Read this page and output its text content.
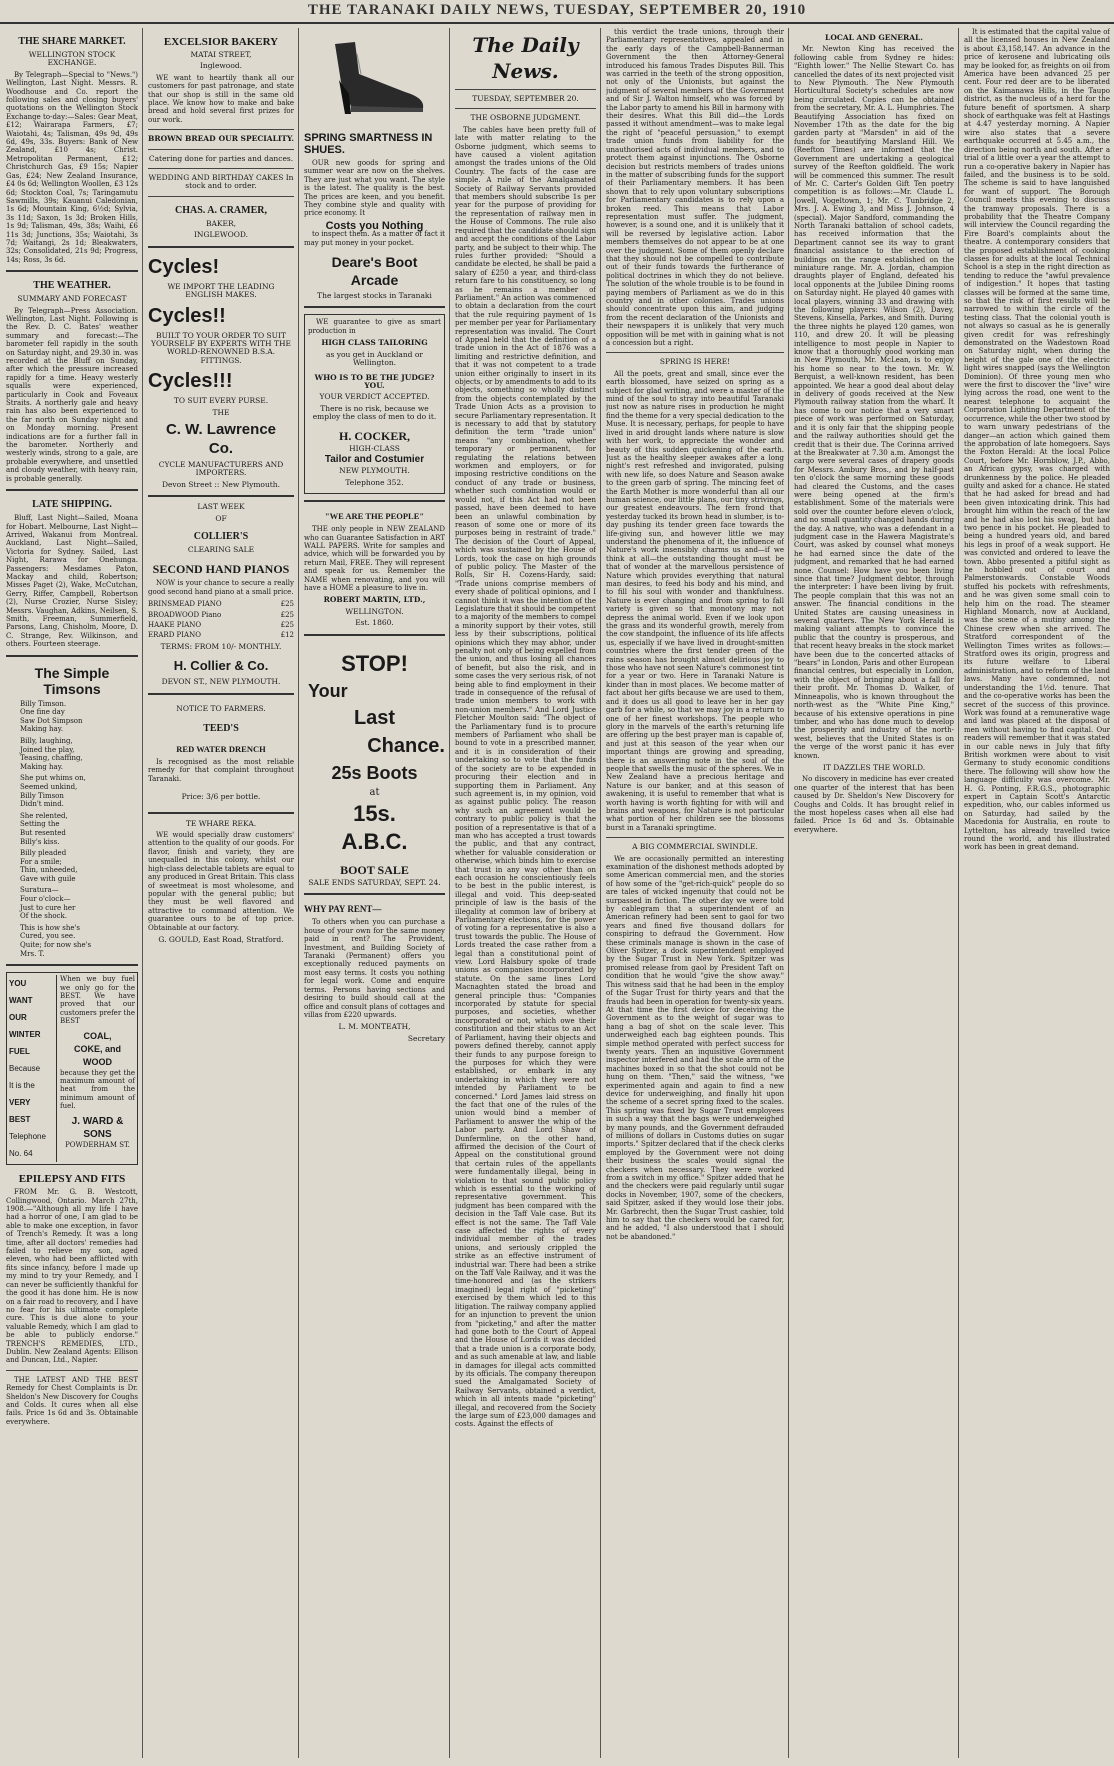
THE TARANAKI DAILY NEWS, TUESDAY, SEPTEMBER 20, 1910
THE SHARE MARKET.
WELLINGTON STOCK EXCHANGE.

By Telegraph—Special to "News.") Wellington, Last Night. Messrs. R. Woodhouse and Co. report the following sales and closing buyers' quotations on the Wellington Stock Exchange to-day:—Sales: Gear Meat, £12; Wairarapa Farmers, £7; Waiotahi, 4s; Talisman, 49s 9d, 49s 6d, 49s, 33s. Buyers: Bank of New Zealand, £10 4s; Christ. Metropolitan Permanent, £12; Christchurch Gas, £9 15s; Napier Gas, £24; New Zealand Insurance, £4 0s 6d; Wellington Woollen, £3 12s 6d; Stockton Coal, 7s; Taringamutu Sawmills, 39s; Kauanui Caledonian, 1s 6d; Mountain King, 6½d; Sylvia, 3s 11d; Saxon, 1s 3d; Broken Hills, 1s 9d; Talisman, 49s, 38s; Waihi, £6 11s 3d; Junctions, 35s; Waiotahi, 3s 7d; Waitangi, 2s 1d; Bleakwaters, 32s; Consolidated, 21s 9d; Progress, 14s; Ross, 3s 6d.

THE WEATHER.
SUMMARY AND FORECAST

By Telegraph—Press Association. Wellington, Last Night. Following is the Rev. D. C. Bates' weather summary and forecast:—The barometer fell rapidly in the south on Saturday night, and 29.30 in. was recorded at the Bluff on Sunday, after which the pressure increased rapidly for a time. Heavy westerly squalls were experienced, particularly in Cook and Foveaux Straits. A northerly gale and heavy rain has also been experienced to the far north on Sunday night and on Monday morning. Present indications are for a further fall in the barometer. Northerly and westerly winds, strong to a gale, are probable everywhere, and unsettled and cloudy weather, with heavy rain, is probable generally.

LATE SHIPPING.

Bluff, Last Night—Sailed, Moana for Hobart. Melbourne, Last Night—Arrived, Wakanui from Montreal. Auckland, Last Night—Sailed, Victoria for Sydney. Sailed, Last Night, Rarawa for Onehunga. Passengers: Mesdames Paton, Mackay and child, Robertson; Misses Paget (2), Wake, McCutchan, Gerry, Riffer, Campbell, Robertson (2), Nurse Crozier, Nurse Sisley; Messrs. Vaughan, Adkins, Neilsen, S. Smith, Freeman, Summerfield, Parsons, Lang, Chisholm, Moore, D. C. Strange, Rev. Wilkinson, and others. Fourteen steerage.

The Simple Timsons
Billy Timson.
One fine day
Saw Dot Simpson
Making hay.
Billy, laughing,
Joined the play,
Teasing, chaffing,
Making hay.
She put whims on,
Seemed unkind,
Billy Timson
Didn't mind.
She relented,
Setting the
But resented
Billy's kiss.
Billy pleaded
For a smile;
Thin, unheeded,
Gave with guile
Suratura—
Four o'clock—
Just to cure her
Of the shock.
This is how she's
Cured, you see.
Quite; for now she's
Mrs. T.
YOU
WANT
OUR
WINTER
FUEL
Because
It is the
VERY
BEST
Telephone
No. 64

When we buy fuel we only go for the BEST. We have proved that our customers prefer the BEST

COAL,
COKE, and
WOOD

because they get the maximum amount of heat from the minimum amount of fuel.

J. WARD &
SONS
POWDERHAM ST.
EPILEPSY AND FITS

FROM Mr. G. B. Westcott, Collingwood, Ontario. March 27th, 1908.—"Although all my life I have had a horror of one, I am glad to be able to make one exception, in favor of Trench's Remedy. It was a long time, after all doctors' remedies had failed to relieve my son, aged eleven, who had been afflicted with fits since infancy, before I made up my mind to try your Remedy, and I can never be sufficiently thankful for the good it has done him. He is now on a fair road to recovery, and I have no fear for his ultimate complete cure. This is due alone to your valuable Remedy, which I am glad to be able to publicly endorse." TRENCH'S REMEDIES, LTD., Dublin. New Zealand Agents: Ellison and Duncan, Ltd., Napier.

THE LATEST AND THE BEST Remedy for Chest Complaints is Dr. Sheldon's New Discovery for Coughs and Colds. It cures when all else fails. Price 1s 6d and 3s. Obtainable everywhere.

EXCELSIOR BAKERY
MATAI STREET,
Inglewood.

WE want to heartily thank all our customers for past patronage, and state that our shop is still in the same old place. We know how to make and bake bread and hold several first prizes for our work.

BROWN BREAD OUR SPECIALITY.
Catering done for parties and dances.
WEDDING AND BIRTHDAY CAKES In stock and to order.
CHAS. A. CRAMER,
BAKER,
INGLEWOOD.
Cycles!
WE IMPORT THE LEADING ENGLISH MAKES.
Cycles!!
BUILT TO YOUR ORDER TO SUIT YOURSELF BY EXPERTS WITH THE WORLD-RENOWNED B.S.A. FITTINGS.
Cycles!!!
TO SUIT EVERY PURSE.
THE
C. W. Lawrence
Co.
CYCLE MANUFACTURERS AND IMPORTERS.
Devon Street :: New Plymouth.
LAST WEEK
OF
COLLIER'S
CLEARING SALE
SECOND HAND PIANOS

NOW is your chance to secure a really good second hand piano at a small price.

BRINSMEAD PIANO	£25
BROADWOOD Piano	£25
HAAKE PIANO	£25
ERARD PIANO	£12
TERMS: FROM 10/- MONTHLY.
H. Collier & Co.
DEVON ST., NEW PLYMOUTH.
NOTICE TO FARMERS.
TEED'S
RED WATER DRENCH

Is recognised as the most reliable remedy for that complaint throughout Taranaki.

Price: 3/6 per bottle.
TE WHARE REKA.

WE would specially draw customers' attention to the quality of our goods. For flavor, finish and variety, they are unequalled in this colony, whilst our high-class delectable tablets are equal to any produced in Great Britain. This class of sweetmeat is most wholesome, and popular with the general public; but they must be well flavored and attractive to command attention. We guarantee ours to be of top price. Obtainable at our factory.

G. GOULD, East Road, Stratford.
SPRING SMARTNESS IN SHUES.

OUR new goods for spring and summer wear are now on the shelves. They are just what you want. The style is the latest. The quality is the best. The prices are keen, and you benefit. They combine style and quality with price economy. It

Costs you Nothing

to inspect them. As a matter of fact it may put money in your pocket.

Deare's Boot
Arcade
The largest stocks in Taranaki

WE guarantee to give as smart production in

HIGH CLASS TAILORING
as you get in Auckland or Wellington.
WHO IS TO BE THE JUDGE? YOU.
YOUR VERDICT ACCEPTED.
There is no risk, because we employ the class of men to do it.
H. COCKER,
HIGH-CLASS
Tailor and Costumier
NEW PLYMOUTH.
Telephone 352.
"WE ARE THE PEOPLE"

THE only people in NEW ZEALAND who can Guarantee Satisfaction in ART WALL PAPERS. Write for samples and advice, which will be forwarded you by return Mail, FREE. They will represent and speak for us. Remember the NAME when renovating, and you will have a HOME a pleasure to live in.

ROBERT MARTIN, LTD.,
WELLINGTON.
Est. 1860.
STOP!
Your
Last
Chance.
25s Boots
at
15s.
A.B.C.
BOOT SALE
SALE ENDS SATURDAY, SEPT. 24.
WHY PAY RENT—

To others when you can purchase a house of your own for the same money paid in rent? The Provident, Investment, and Building Society of Taranaki (Permanent) offers you exceptionally reduced payments on most easy terms. It costs you nothing for legal work. Come and enquire terms. Persons having sections and desiring to build should call at the office and consult plans of cottages and villas from £220 upwards.

L. M. MONTEATH,
Secretary
The Daily News.
TUESDAY, SEPTEMBER 20.
THE OSBORNE JUDGMENT.

The cables have been pretty full of late with matter relating to the Osborne judgment, which seems to have caused a violent agitation amongst the trades unions of the Old Country. The facts of the case are simple. A rule of the Amalgamated Society of Railway Servants provided that members should subscribe 1s per year for the purpose of providing for the representation of railway men in the House of Commons. The rule also required that the candidate should sign and accept the conditions of the Labor party, and be subject to their whip. The rules further provided: "Should a candidate be elected, he shall be paid a salary of £250 a year, and third-class return fare to his constituency, so long as he remains a member of Parliament." An action was commenced to obtain a declaration from the court that the rule requiring payment of 1s per member per year for Parliamentary representation was invalid. The Court of Appeal held that the definition of a trade union in the Act of 1876 was a limiting and restrictive definition, and that it was not competent to a trade union either originally to insert in its objects, or by amendments to add to its objects, something so wholly distinct from the objects contemplated by the Trade Union Acts as a provision to secure Parliamentary representation. It is necessary to add that by statutory definition the term "trade union" means "any combination, whether temporary or permanent, for regulating the relations between workmen and employers, or for imposing restrictive conditions on the conduct of any trade or business, whether such combination would or would not, if this Act had not been passed, have been deemed to have been an unlawful combination by reason of some one or more of its purposes being in restraint of trade." The decision of the Court of Appeal, which was sustained by the House of Lords, took the case on high grounds of public policy. The Master of the Rolls, Sir H. Cozens-Hardy, said: "Trade unions comprise members of every shade of political opinions, and I cannot think it was the intention of the Legislature that it should be competent to a majority of the members to compel a minority support by their votes, still less by their subscriptions, political opinions which they may abhor, under penalty not only of being expelled from the union, and thus losing all chances of benefit, but also the risk, and in some cases the very serious risk, of not being able to find employment in their trade in consequence of the refusal of trade union members to work with non-union members." And Lord Justice Fletcher Moulton said: "The object of the Parliamentary fund is to procure members of Parliament who shall be bound to vote in a prescribed manner, and it is in consideration of their undertaking so to vote that the funds of the society are to be expended in procuring their election and in supporting them in Parliament. Any such agreement is, in my opinion, void as against public policy. The reason why such an agreement would be contrary to public policy is that the position of a representative is that of a man who has accepted a trust towards the public, and that any contract, whether for valuable consideration or otherwise, which binds him to exercise that trust in any way other than on each occasion he conscientiously feels to be best in the public interest, is illegal and void. This deep-seated principle of law is the basis of the illegality at common law of bribery at Parliamentary elections, for the power of voting for a representative is also a trust towards the public. The House of Lords treated the case rather from a legal than a constitutional point of view. Lord Halsbury spoke of trade unions as companies incorporated by statute. On the same lines Lord Macnaghten stated the broad and general principle thus: "Companies incorporated by statute for special purposes, and societies, whether incorporated or not, which owe their constitution and their status to an Act of Parliament, having their objects and powers defined thereby, cannot apply their funds to any purpose foreign to the purposes for which they were established, or embark in any undertaking in which they were not intended by Parliament to be concerned." Lord James laid stress on the fact that one of the rules of the union would bind a member of Parliament to answer the whip of the Labor party. And Lord Shaw of Dunfermline, on the other hand, affirmed the decision of the Court of Appeal on the constitutional ground that certain rules of the appellants were fundamentally illegal, being in violation to that sound public policy which is essential to the working of representative government. This judgment has been compared with the decision in the Taff Vale case. But its effect is not the same. The Taff Vale case affected the rights of every individual member of the trades unions, and seriously crippled the strike as an effective instrument of industrial war. There had been a strike on the Taff Vale Railway, and it was the time-honored and (as the strikers imagined) legal right of "picketing" exercised by them which led to this litigation. The railway company applied for an injunction to prevent the union from "picketing," and after the matter had gone both to the Court of Appeal and the House of Lords it was decided that a trade union is a corporate body, and as such amenable at law, and liable in damages for illegal acts committed by its officials. The company thereupon sued the Amalgamated Society of Railway Servants, obtained a verdict, which in all intents made "picketing" illegal, and recovered from the Society the large sum of £23,000 damages and costs. Against the effects of

this verdict the trade unions, through their Parliamentary representatives, appealed and in the early days of the Campbell-Bannerman Government the then Attorney-General introduced his famous Trades Disputes Bill. This was carried in the teeth of the strong opposition, not only of the Unionists, but against the judgment of several members of the Government and of Sir J. Walton himself, who was forced by the Labor party to amend his Bill in harmony with their desires. What this Bill did—the Lords passed it without amendment—was to make legal the right of "peaceful persuasion," to exempt trade union funds from liability for the unauthorised acts of individual members, and to protect them against injunctions. The Osborne decision but restricts members of trades unions in the matter of subscribing funds for the support of their Parliamentary members. It has been shown that to rely upon voluntary subscriptions for Parliamentary candidates is to rely upon a broken reed. This means that Labor representation must suffer. The judgment, however, is a sound one, and it is unlikely that it will be reversed by legislative action. Labor members themselves do not appear to be at one over the judgment. Some of them openly declare that they should not be compelled to contribute out of their funds towards the furtherance of political doctrines in which they do not believe. The solution of the whole trouble is to be found in paying members of Parliament as we do in this country and in other colonies. Trades unions should concentrate upon this aim, and judging from the recent declaration of the Unionists and their newspapers it is unlikely that very much opposition will be met with in gaining what is not a concession but a right.

SPRING IS HERE!

All the poets, great and small, since ever the earth blossomed, have seized on spring as a subject for glad writing, and were a master of the mind of the soul to stray into beautiful Taranaki just now as nature rises in production he might find the theme for a very special dedication to the Muse. It is necessary, perhaps, for people to have lived in arid drought lands where nature is slow with her work, to appreciate the wonder and beauty of this sudden quickening of the earth. Just as the healthy sleeper awakes after a long night's rest refreshed and invigorated, pulsing with new life, so does Nature and Season awake to the green garb of spring. The mincing feet of the Earth Mother is more wonderful than all our human science, our little plans, our tiny strivings, our greatest endeavours. The fern frond that yesterday tucked its brown head in slumber, is to-day pushing its tender green face towards the life-giving sun, and however little we may understand the phenomena of it, the influence of Nature's work insensibly charms us and—if we think at all—the outstanding thought must be that of wonder at the marvellous persistence of Nature which provides everything that natural man desires, to feed his body and his mind, and to fill his soul with wonder and thankfulness. Nature is ever changing and from spring to fall variety is given so that monotony may not depress the animal world. Even if we look upon the grass and its wonderful growth, merely from the cow standpoint, the influence of its life affects us, especially if we have lived in drought-smitten countries where the first tender green of the rains season has brought almost delirious joy to those who have not seen Nature's commonest tint for a year or two. Here in Taranaki Nature is kinder than in most places. We become matter of fact about her gifts because we are used to them, and it does us all good to leave her in her gay garb for a while, so that we may joy in a return to one of her finest workshops. The people who glory in the marvels of the earth's returning life are offering up the best prayer man is capable of, and just at this season of the year when our important things are growing and spreading, there is an answering note in the soul of the people that swells the music of the spheres. We in New Zealand have a precious heritage and Nature is our banker, and at this season of awakening, it is useful to remember that what is worth having is worth fighting for with will and brains and weapons, for Nature is not particular what portion of her children see the blossoms burst in a Taranaki springtime.

A BIG COMMERCIAL SWINDLE.

We are occasionally permitted an interesting examination of the dishonest methods adopted by some American commercial men, and the stories of how some of the "get-rich-quick" people do so are tales of wicked ingenuity that could not be surpassed in fiction. The other day we were told by cablegram that a superintendent of an American refinery had been sent to gaol for two years and fined five thousand dollars for conspiring to defraud the Government. How these criminals manage is shown in the case of Oliver Spitzer, a dock superintendent employed by the Sugar Trust in New York. Spitzer was promised release from gaol by President Taft on condition that he would "give the show away." This witness said that he had been in the employ of the Sugar Trust for thirty years and that the frauds had been in operation for twenty-six years. At that time the first device for deceiving the Government as to the weight of sugar was to hang a bag of shot on the scale lever. This underweighed each bag eighteen pounds. This simple method operated with perfect success for twenty years. Then an inquisitive Government inspector interfered and had the scale arm of the machines boxed in so that the shot could not be hung on them. "Then," said the witness, "we experimented again and again to find a new device for underweighing, and finally hit upon the scheme of a secret spring fixed to the scales. This spring was fixed by Sugar Trust employees in such a way that the bags were underweighed by many pounds, and the Government defrauded of millions of dollars in Customs duties on sugar imports." Spitzer declared that if the check clerks employed by the Government were not doing their business the scales would signal the checkers when necessary. They were worked from a switch in my office." Spitzer added that he and the checkers were paid regularly until sugar docks in November, 1907, some of the checkers, said Spitzer, asked if they would lose their jobs. Mr. Garbrecht, then the Sugar Trust cashier, told him to say that the checkers would be cared for, and he added, "I also understood that I should not be abandoned."

LOCAL AND GENERAL.

Mr. Newton King has received the following cable from Sydney re hides: "Eighth lower." The Nellie Stewart Co. has cancelled the dates of its next projected visit to New Plymouth. The New Plymouth Horticultural Society's schedules are now being circulated. Copies can be obtained from the secretary, Mr. A. L. Humphries. The Beautifying Association has fixed on November 17th as the date for the big garden party at "Marsden" in aid of the funds for beautifying Marsland Hill. We (Reefton Times) are informed that the Government are undertaking a geological survey of the Reefton goldfield. The work will be commenced this summer. The result of Mr. C. Carter's Golden Gift Ten poetry competition is as follows:—Mr. Claude L. Jowell, Vogeltown, 1; Mr. C. Tunbridge 2, Mrs. J. A. Ewing 3, and Miss J. Johnson, 4 (special). Major Sandford, commanding the North Taranaki battalion of school cadets, has received information that the Department cannot see its way to grant financial assistance to the erection of buildings on the range established on the miniature range. Mr. A. Jordan, champion draughts player of England, defeated his local opponents at the Jubilee Dining rooms on Saturday night. He played 40 games with local players, winning 33 and drawing with the following players: Wilson (2), Davey, Stevens, Kinsella, Parkes, and Smith. During the three nights he played 120 games, won 110, and drew 20. It will be pleasing intelligence to most people in Napier to know that a thoroughly good working man in New Plymouth, Mr. McLean, is to enjoy his home so near to the town. Mr. W. Berquist, a well-known resident, has been appointed. We hear a good deal about delay in delivery of goods received at the New Plymouth railway station from the wharf. It has come to our notice that a very smart piece of work was performed on Saturday, and it is only fair that the shipping people and the railway authorities should get the credit that is their due. The Corinna arrived at the Breakwater at 7.30 a.m. Amongst the cargo were several cases of drapery goods for Messrs. Ambury Bros., and by half-past ten o'clock the same morning these goods had cleared the Customs, and the cases were being opened at the firm's establishment. Some of the materials were sold over the counter before eleven o'clock, and no small quantity changed hands during the day. A native, who was a defendant in a judgment case in the Hawera Magistrate's Court, was asked by counsel what moneys he had earned since the date of the judgment, and remarked that he had earned none. Counsel: How have you been living since that time? Judgment debtor, through the interpreter: I have been living by fruit. The people complain that this was not an answer. The financial conditions in the United States are causing uneasiness in several quarters. The New York Herald is making valiant attempts to convince the public that the country is prosperous, and that recent heavy breaks in the stock market have been due to the concerted attacks of "bears" in London, Paris and other European financial centres, but especially in London, with the object of bringing about a fall for their profit. Mr. Thomas D. Walker, of Minneapolis, who is known throughout the north-west as the "White Pine King," because of his extensive operations in pine timber, and who has done much to develop the prosperity and industry of the north-west, believes that the United States is on the verge of the worst panic it has ever known.

IT DAZZLES THE WORLD.

No discovery in medicine has ever created one quarter of the interest that has been caused by Dr. Sheldon's New Discovery for Coughs and Colds. It has brought relief in the most hopeless cases when all else had failed. Price 1s 6d and 3s. Obtainable everywhere.

It is estimated that the capital value of all the licensed houses in New Zealand is about £3,158,147. An advance in the price of kerosene and lubricating oils may be looked for, as freights on oil from America have been advanced 25 per cent. Four red deer are to be liberated on the Kaimanawa Hills, in the Taupo district, as the nucleus of a herd for the future benefit of sportsmen. A sharp shock of earthquake was felt at Hastings at 4.47 yesterday morning. A Napier wire also states that a severe earthquake occurred at 5.45 a.m., the direction being north and south. After a trial of a little over a year the attempt to run a co-operative bakery in Napier has failed, and the business is to be sold. The scheme is said to have languished for want of support. The Borough Council meets this evening to discuss the tramway proposals. There is a probability that the Theatre Company will interview the Council regarding the Fire Board's complaints about the theatre. A contemporary considers that the proposed establishment of cooking classes for adults at the local Technical School is a step in the right direction as tending to reduce the "awful prevalence of indigestion." It hopes that tasting classes will be formed at the same time, so that the risk of first results will be narrowed to within the circle of the testing class. That the colonial youth is not always so casual as he is generally given credit for was refreshingly demonstrated on the Wadestown Road on Saturday night, when during the height of the gale one of the electric light wires snapped (says the Wellington Dominion). Of three young men who were the first to discover the "live" wire lying across the road, one went to the nearest telephone to acquaint the Corporation Lighting Department of the occurrence, while the other two stood by to warn unwary pedestrians of the danger—an action which gained them the approbation of late homegoers. Says the Foxton Herald: At the local Police Court, before Mr. Hornblow, J.P., Abbo, an African gypsy, was charged with drunkenness by the police. He pleaded guilty and asked for a chance. He stated that he had asked for bread and had been given intoxicating drink. This had brought him within the reach of the law and he had also lost his swag, but had two pence in his pocket. He pleaded to being a hundred years old, and bared his legs in proof of a weak support. He was convicted and ordered to leave the town. Abbo presented a pitiful sight as he hobbled out of court and Palmerstonwards. Constable Woods stuffed his pockets with refreshments, and he was given some small coin to help him on the road. The steamer Highland Monarch, now at Auckland, was the scene of a mutiny among the Chinese crew when she arrived. The Stratford correspondent of the Wellington Times writes as follows:—Stratford owes its origin, progress and its future welfare to Liberal administration, and to reform of the land laws. Many have condemned, not understanding the 1½d. tenure. That and the co-operative works has been the secret of the success of this province. Work was found at a remunerative wage and land was placed at the disposal of men without having to find capital. Our readers will remember that it was stated in our cable news in July that fifty British workmen were about to visit Germany to study economic conditions there. The following will show how the language difficulty was overcome. Mr. H. G. Ponting, F.R.G.S., photographic expert in Captain Scott's Antarctic expedition, who, our cables informed us on Saturday, had sailed by the Macedonia for Australia, en route to Lyttelton, has already travelled twice round the world, and his illustrated work has been in great demand.
